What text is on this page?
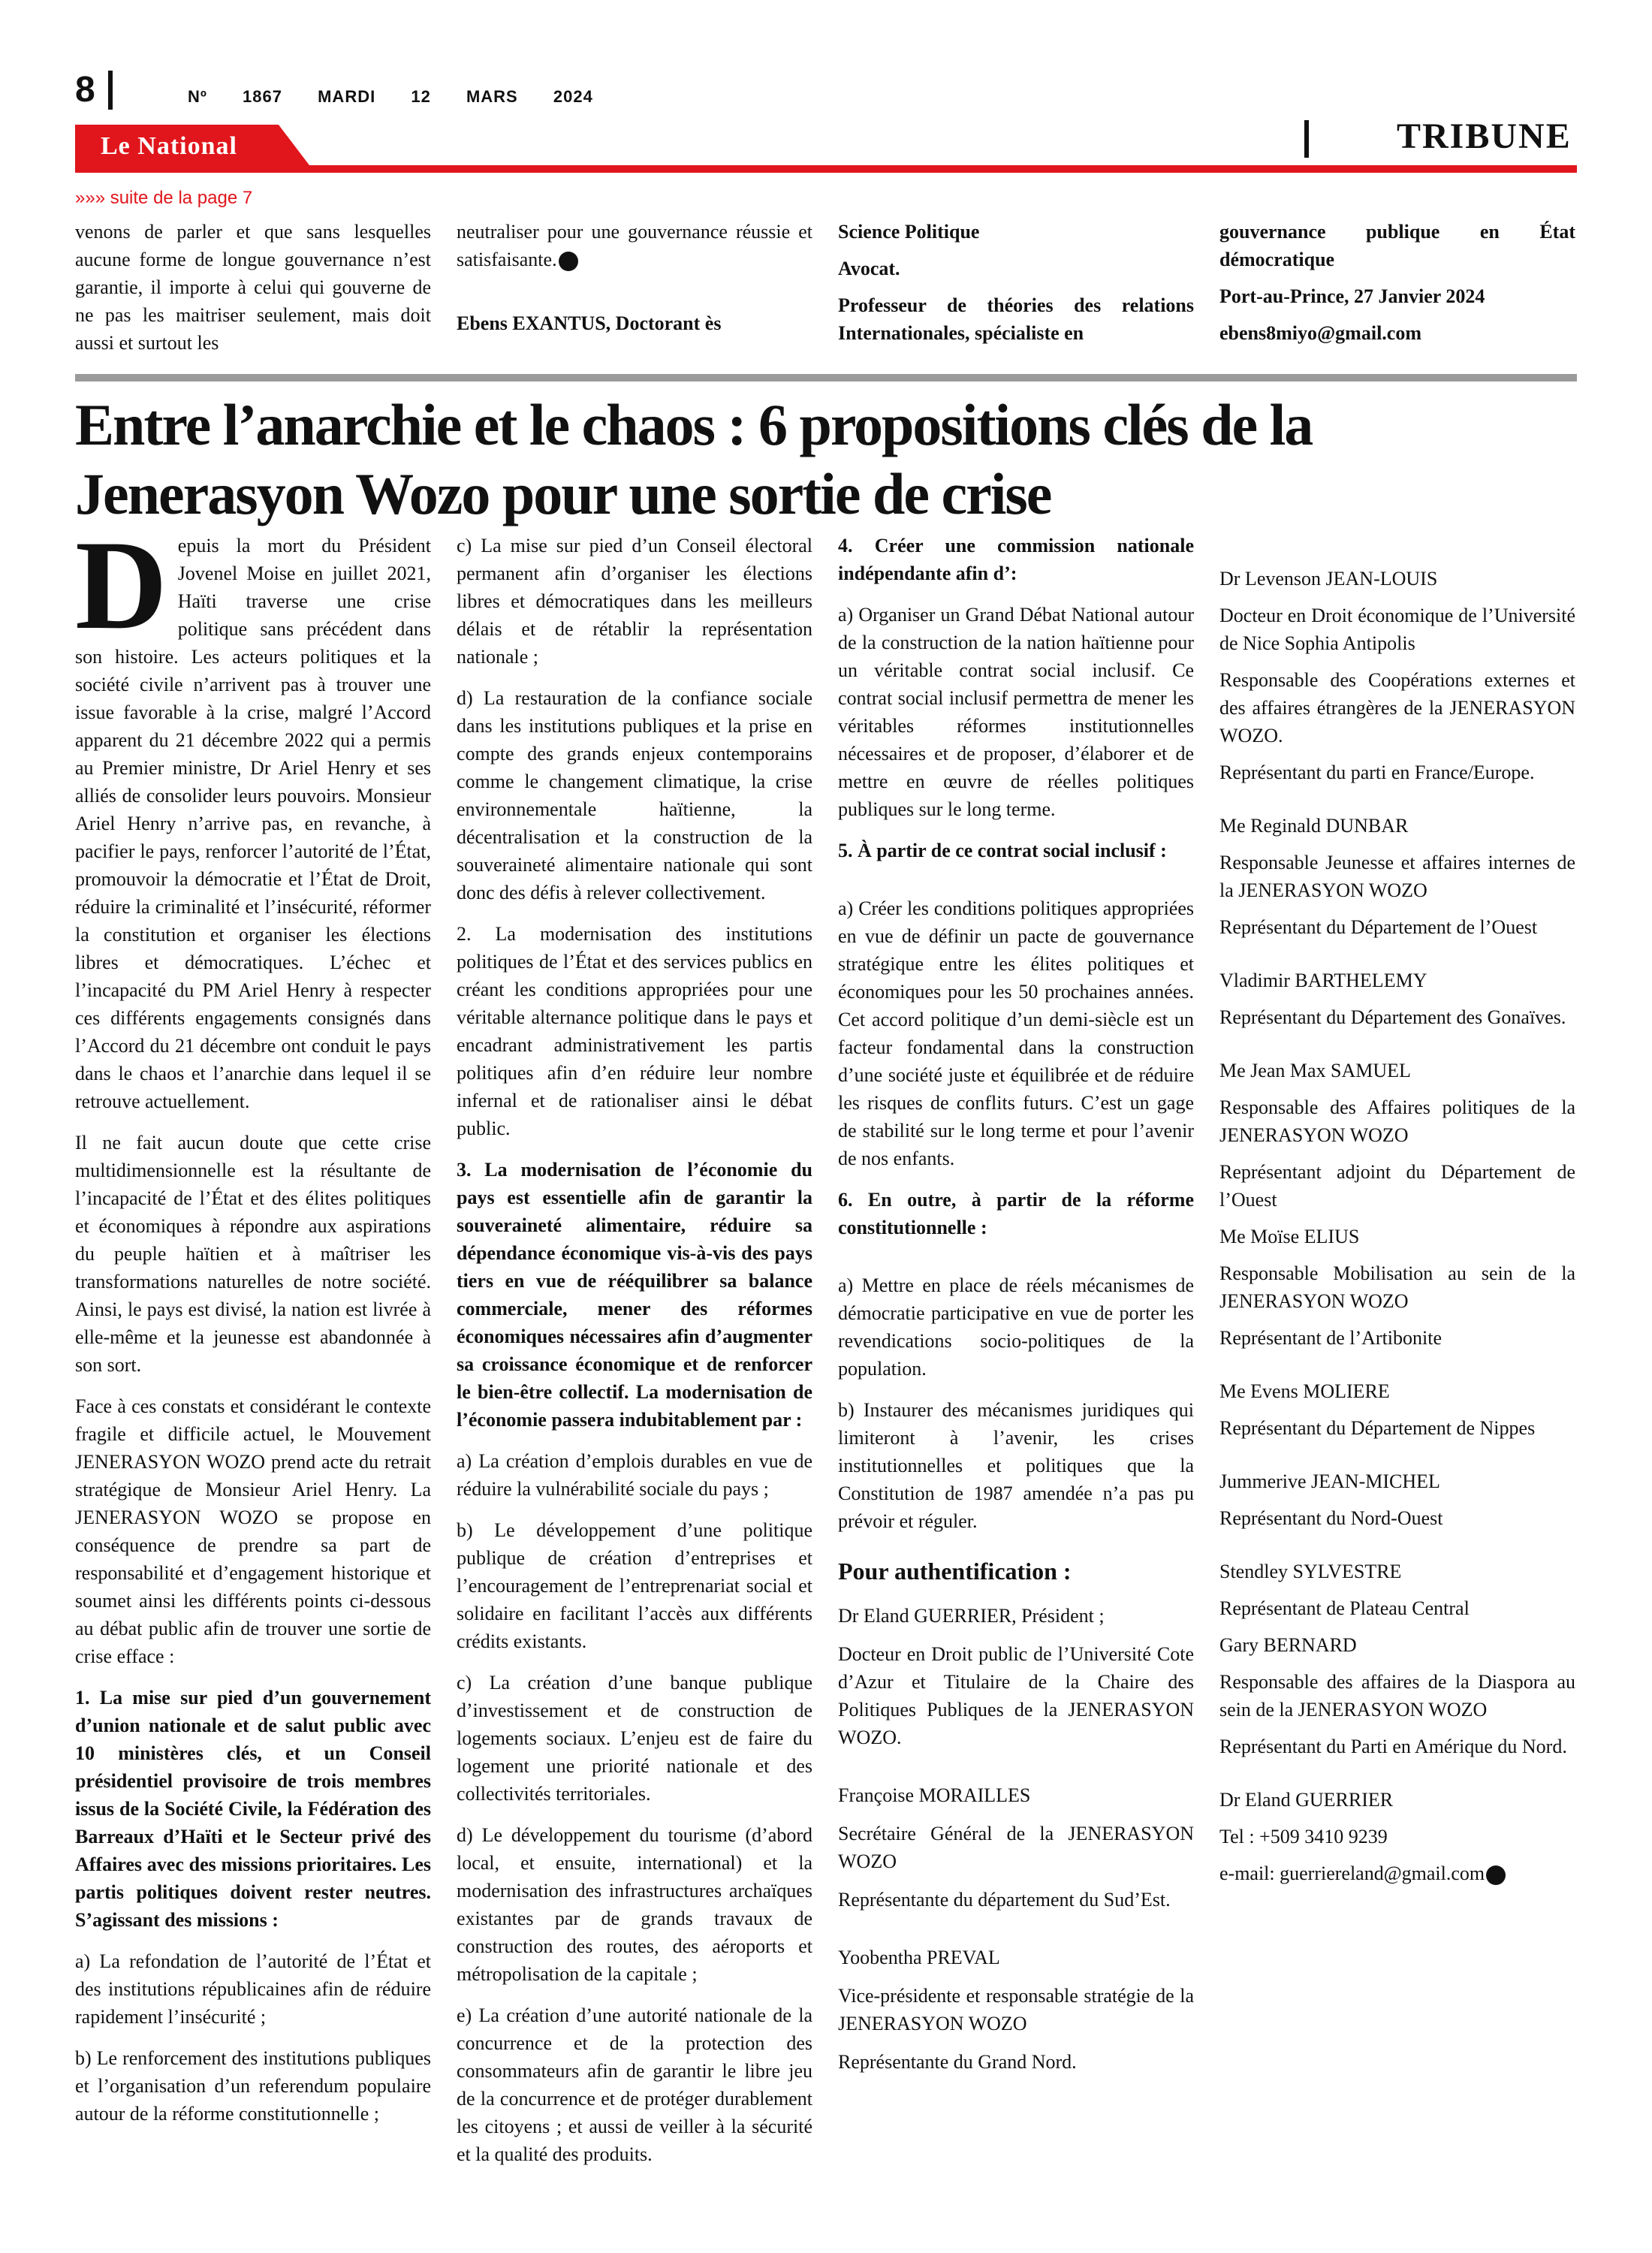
8	Nº 1867 MARDI 12 MARS 2024
Le National	TRIBUNE
»»» suite de la page 7

venons de parler et que sans lesquelles aucune forme de longue gouvernance n’est garantie, il importe à celui qui gouverne de ne pas les maitriser seulement, mais doit aussi et surtout les

neutraliser pour une gouvernance réussie et satisfaisante.

Ebens EXANTUS, Doctorant ès

Science Politique

Avocat.

Professeur de théories des relations Internationales, spécialiste en

gouvernance publique en État démocratique

Port-au-Prince, 27 Janvier 2024

ebens8miyo@gmail.com

Entre l’anarchie et le chaos : 6 propositions clés de la Jenerasyon Wozo pour une sortie de crise

Depuis la mort du Président Jovenel Moise en juillet 2021, Haïti traverse une crise politique sans précédent dans son histoire. Les acteurs politiques et la société civile n’arrivent pas à trouver une issue favorable à la crise, malgré l’Accord apparent du 21 décembre 2022 qui a permis au Premier ministre, Dr Ariel Henry et ses alliés de consolider leurs pouvoirs. Monsieur Ariel Henry n’arrive pas, en revanche, à pacifier le pays, renforcer l’autorité de l’État, promouvoir la démocratie et l’État de Droit, réduire la criminalité et l’insécurité, réformer la constitution et organiser les élections libres et démocratiques. L’échec et l’incapacité du PM Ariel Henry à respecter ces différents engagements consignés dans l’Accord du 21 décembre ont conduit le pays dans le chaos et l’anarchie dans lequel il se retrouve actuellement.

Il ne fait aucun doute que cette crise multidimensionnelle est la résultante de l’incapacité de l’État et des élites politiques et économiques à répondre aux aspirations du peuple haïtien et à maîtriser les transformations naturelles de notre société. Ainsi, le pays est divisé, la nation est livrée à elle-même et la jeunesse est abandonnée à son sort.

Face à ces constats et considérant le contexte fragile et difficile actuel, le Mouvement JENERASYON WOZO prend acte du retrait stratégique de Monsieur Ariel Henry. La JENERASYON WOZO se propose en conséquence de prendre sa part de responsabilité et d’engagement historique et soumet ainsi les différents points ci-dessous au débat public afin de trouver une sortie de crise efface :

1. La mise sur pied d’un gouvernement d’union nationale et de salut public avec 10 ministères clés, et un Conseil présidentiel provisoire de trois membres issus de la Société Civile, la Fédération des Barreaux d’Haïti et le Secteur privé des Affaires avec des missions prioritaires. Les partis politiques doivent rester neutres. S’agissant des missions :

a) La refondation de l’autorité de l’État et des institutions républicaines afin de réduire rapidement l’insécurité ;

b) Le renforcement des institutions publiques et l’organisation d’un referendum populaire autour de la réforme constitutionnelle ;

c) La mise sur pied d’un Conseil électoral permanent afin d’organiser les élections libres et démocratiques dans les meilleurs délais et de rétablir la représentation nationale ;

d) La restauration de la confiance sociale dans les institutions publiques et la prise en compte des grands enjeux contemporains comme le changement climatique, la crise environnementale haïtienne, la décentralisation et la construction de la souveraineté alimentaire nationale qui sont donc des défis à relever collectivement.

2. La modernisation des institutions politiques de l’État et des services publics en créant les conditions appropriées pour une véritable alternance politique dans le pays et encadrant administrativement les partis politiques afin d’en réduire leur nombre infernal et de rationaliser ainsi le débat public.

3. La modernisation de l’économie du pays est essentielle afin de garantir la souveraineté alimentaire, réduire sa dépendance économique vis-à-vis des pays tiers en vue de rééquilibrer sa balance commerciale, mener des réformes économiques nécessaires afin d’augmenter sa croissance économique et de renforcer le bien-être collectif. La modernisation de l’économie passera indubitablement par :

a) La création d’emplois durables en vue de réduire la vulnérabilité sociale du pays ;

b) Le développement d’une politique publique de création d’entreprises et l’encouragement de l’entreprenariat social et solidaire en facilitant l’accès aux différents crédits existants.

c) La création d’une banque publique d’investissement et de construction de logements sociaux. L’enjeu est de faire du logement une priorité nationale et des collectivités territoriales.

d) Le développement du tourisme (d’abord local, et ensuite, international) et la modernisation des infrastructures archaïques existantes par de grands travaux de construction des routes, des aéroports et métropolisation de la capitale ;

e) La création d’une autorité nationale de la concurrence et de la protection des consommateurs afin de garantir le libre jeu de la concurrence et de protéger durablement les citoyens ; et aussi de veiller à la sécurité et la qualité des produits.

4. Créer une commission nationale indépendante afin d’:

a) Organiser un Grand Débat National autour de la construction de la nation haïtienne pour un véritable contrat social inclusif. Ce contrat social inclusif permettra de mener les véritables réformes institutionnelles nécessaires et de proposer, d’élaborer et de mettre en œuvre de réelles politiques publiques sur le long terme.

5. À partir de ce contrat social inclusif :

a) Créer les conditions politiques appropriées en vue de définir un pacte de gouvernance stratégique entre les élites politiques et économiques pour les 50 prochaines années. Cet accord politique d’un demi-siècle est un facteur fondamental dans la construction d’une société juste et équilibrée et de réduire les risques de conflits futurs. C’est un gage de stabilité sur le long terme et pour l’avenir de nos enfants.

6. En outre, à partir de la réforme constitutionnelle :

a) Mettre en place de réels mécanismes de démocratie participative en vue de porter les revendications socio-politiques de la population.

b) Instaurer des mécanismes juridiques qui limiteront à l’avenir, les crises institutionnelles et politiques que la Constitution de 1987 amendée n’a pas pu prévoir et réguler.

Pour authentification :

Dr Eland GUERRIER, Président ;

Docteur en Droit public de l’Université Cote d’Azur et Titulaire de la Chaire des Politiques Publiques de la JENERASYON WOZO.

Françoise MORAILLES

Secrétaire Général de la JENERASYON WOZO

Représentante du département du Sud’Est.

Yoobentha PREVAL

Vice-présidente et responsable stratégie de la JENERASYON WOZO

Représentante du Grand Nord.

Dr Levenson JEAN-LOUIS

Docteur en Droit économique de l’Université de Nice Sophia Antipolis

Responsable des Coopérations externes et des affaires étrangères de la JENERASYON WOZO.

Représentant du parti en France/Europe.

Me Reginald DUNBAR

Responsable Jeunesse et affaires internes de la JENERASYON WOZO

Représentant du Département de l’Ouest

Vladimir BARTHELEMY

Représentant du Département des Gonaïves.

Me Jean Max SAMUEL

Responsable des Affaires politiques de la JENERASYON WOZO

Représentant adjoint du Département de l’Ouest

Me Moïse ELIUS

Responsable Mobilisation au sein de la JENERASYON WOZO

Représentant de l’Artibonite

Me Evens MOLIERE

Représentant du Département de Nippes

Jummerive JEAN-MICHEL

Représentant du Nord-Ouest

Stendley SYLVESTRE

Représentant de Plateau Central

Gary BERNARD

Responsable des affaires de la Diaspora au sein de la JENERASYON WOZO

Représentant du Parti en Amérique du Nord.

Dr Eland GUERRIER

Tel : +509 3410 9239

e-mail: guerriereland@gmail.com
